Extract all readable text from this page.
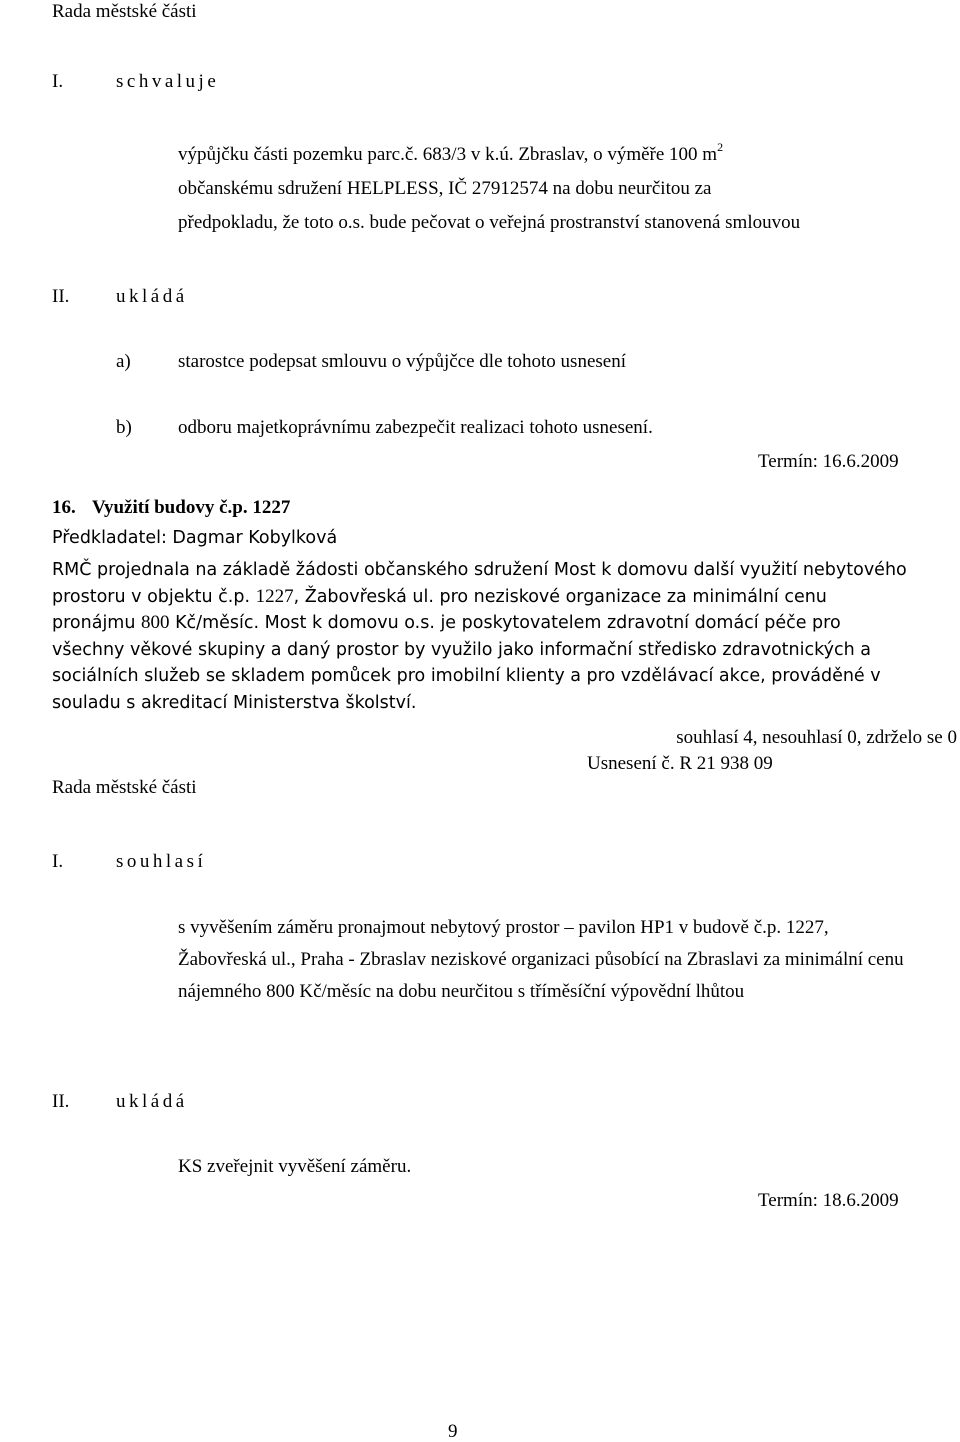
Rada městské části
I.	schvaluje
výpůjčku části pozemku parc.č. 683/3 v k.ú. Zbraslav, o výměře 100 $m^2$
občanskému sdružení HELPLESS, IČ 27912574 na dobu neurčitou za
předpokladu, že toto o.s. bude pečovat o veřejná prostranství stanovená smlouvou
II. ukládá
a) starostce podepsat smlouvu o výpůjčce dle tohoto usnesení
b) odboru majetkoprávnímu zabezpečit realizaci tohoto usnesení.
Termín: 16.6.2009
16. Využití budovy č.p. 1227
Předkladatel: Dagmar Kobylková
RMČ projednala na základě žádosti občanského sdružení Most k domovu další využití nebytového prostoru v objektu č.p. 1227, Žabovřeská ul. pro neziskové organizace za minimální cenu pronájmu 800 Kč/měsíc. Most k domovu o.s. je poskytovatelem zdravotní domácí péče pro všechny věkové skupiny a daný prostor by využilo jako informační středisko zdravotnických a sociálních služeb se skladem pomůcek pro imobilní klienty a pro vzdělávací akce, prováděné v souladu s akreditací Ministerstva školství.
souhlasí 4, nesouhlasí 0, zdrželo se 0
Usnesení č. R 21 938 09
Rada městské části
I.	souhlasí
s vyvěšením záměru pronajmout nebytový prostor – pavilon HP1 v budově č.p. 1227, Žabovřeská ul., Praha - Zbraslav neziskové organizaci působící na Zbraslavi za minimální cenu nájemného 800 Kč/měsíc na dobu neurčitou s tříměsíční výpovědní lhůtou
II. ukládá
KS zveřejnit vyvěšení záměru.
Termín: 18.6.2009
9
